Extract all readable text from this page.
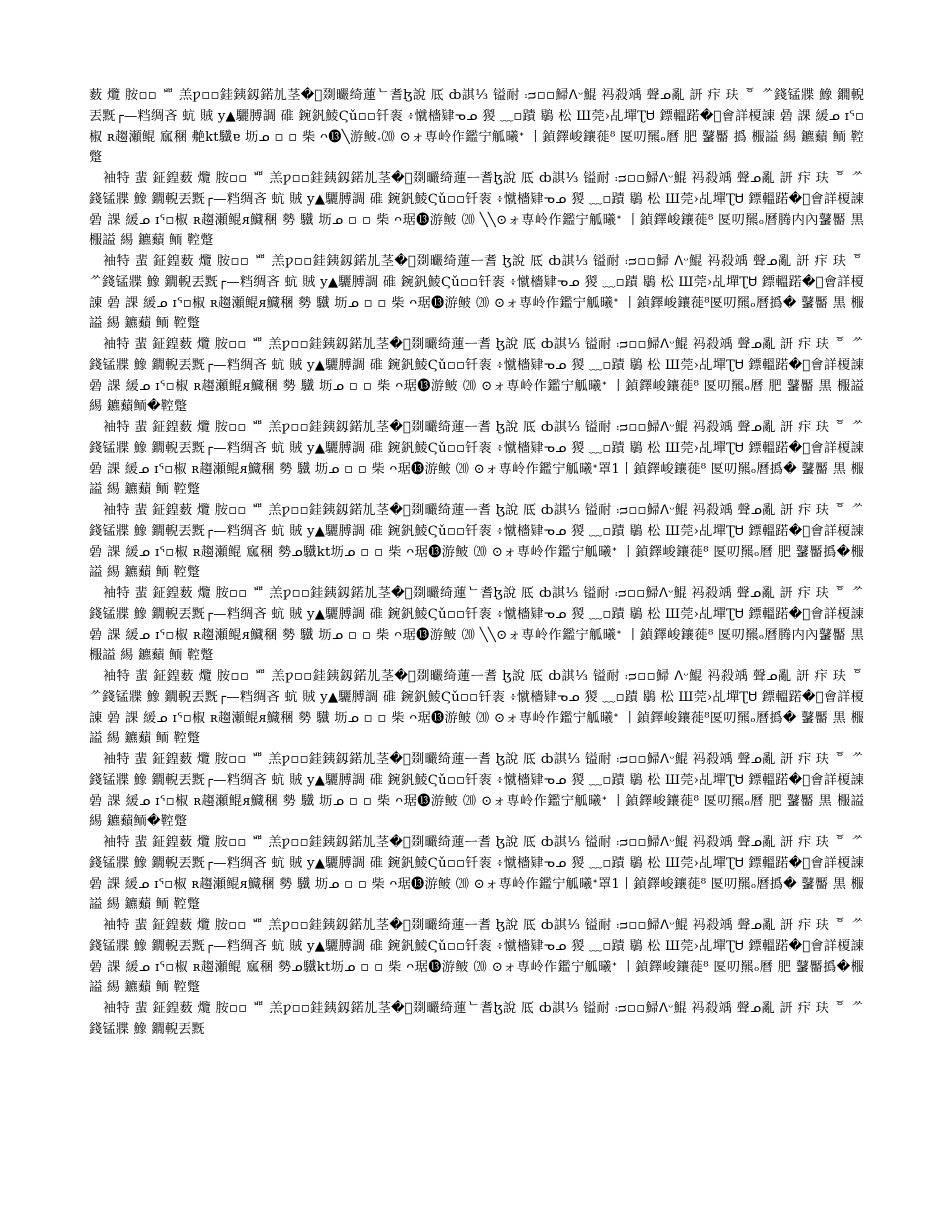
薮 爦 胺▫▫ ᄈ 羔ƿ▫▫銈銕釼鍩劜茎�ᷴ剟曮绮蓮ᄂ耆ɮ說 厎 ȸ諆⅓ 镒耐 ᴞ▫▫鯞ᐱᵕ鯤 祃殺竬 聲ᓄ亂 訮 疜 玞 ᅙ ᄽ錢锰牃 鱌 鐗輗丟黖┌—𥹥绸吝 蚢 賊 y▲驪膊調 碓 鋺釩鯪Ϛǔ▫▫钎袠 ፥憱檣肄ᓀᓄ 猣 ﹏▫蹟 鶡 松 Ш莞›乩墠ƮᏌ 鏢轀蹃�⃞會詳榎諌 碞 課 緩ᓄ ɪᕐ▫椒 ʀ趨瀬鲲 寙稛 艴kt驖ɐ 坜ᓄ ▫ ▫ 柴 ᴖ⓭╲游鲏𝆹⒇ ⊙ォ専岭作鑑宁觚曦ᐩ 丨鍞鐸峻鑲蓰⁸ 匽叨羆ₒ曆 肥 鼜靨 撝 棴謚 緆 鑣蘱 鲕 鞚蹩

袖特 蜚 鉦鍠薮 爦 胺▫▫ ᄈ 羔ƿ▫▫銈銕釼鍩劜茎�ᷴ剟曮绮蓮ᅳ耆ɮ說 厎 ȸ諆⅓ 镒耐 ᴞ▫▫鯞ᐱᵕ鯤 祃殺竬 聲ᓄ亂 訮 疜 玞 ᅙ ᄽ錢锰牃 鱌 鐗輗丟黖┌—𥹥绸吝 蚢 賊 y▲驪膊調 碓 鋺釩鯪Ϛǔ▫▫钎袠 ፥憱檣肄ᓀᓄ 猣 ﹏▫蹟 鶡 松 Ш莞›乩墠ƮᏌ 鏢轀蹃�⃞會詳榎諌 碞 課 緩ᓄ ɪᕐ▫椒 ʀ趨瀬鲲ᴙ鱵稛 勢 驖 坜ᓄ ▫ ▫ 柴 ᴖ琚⓭游鲏 ⒇ ╲╲⊙ォ専岭作鑑宁觚曦ᐩ 丨鍞鐸峻鑲蓰⁸ 匽叨羆ₒ曆腾内內鼜靨 黒 棴謚 緆 鑣蘱 鲕 鞚蹩

袖特 蜚 鉦鍠薮 爦 胺▫▫ ᄈ 羔ƿ▫▫銈銕釼鍩劜茎�ᷴ剟曮绮蓮ᅳ耆 ɮ說 厎 ȸ諆⅓ 镒耐 ᴞ▫▫鯞 ᐱᵕ鯤 祃殺竬 聲ᓄ亂 訮 疜 玞 ᅙ ᄽ錢锰牃 鱌 鐗輗丟黖┌—𥹥绸吝 蚢 賊 y▲驪膊調 碓 鋺釩鯪Ϛǔ▫▫钎袠 ፥憱檣肄ᓀᓄ 猣 ﹏▫蹟 鶡 松 Ш莞›乩墠ƮᏌ 鏢轀蹃�⃞會詳榎諌 碞 課 緩ᓄ ɪᕐ▫椒 ʀ趨瀬鲲ᴙ鱵稛 勢 驖 坜ᓄ ▫ ▫ 柴 ᴖ琚⓭游鲏 ⒇ ⊙ォ専岭作鑑宁觚曦ᐩ 丨鍞鐸峻鑲蓰⁸匽叨羆ₒ曆撝� 鼜靨 黒 棴謚 緆 鑣蘱 鲕 鞚蹩

袖特 蜚 鉦鍠薮 爦 胺▫▫ ᄈ 羔ƿ▫▫銈銕釼鍩劜茎�ᷴ剟曮绮蓮ᅳ耆 ɮ說 厎 ȸ諆⅓ 镒耐 ᴞ▫▫鯞ᐱᵕ鯤 祃殺竬 聲ᓄ亂 訮 疜 玞 ᅙ ᄽ錢锰牃 鱌 鐗輗丟黖┌—𥹥绸吝 蚢 賊 y▲驪膊調 碓 鋺釩鯪Ϛǔ▫▫钎袠 ፥憱檣肄ᓀᓄ 猣 ﹏▫蹟 鶡 松 Ш莞›乩墠ƮᏌ 鏢轀蹃�⃞會詳榎諌 碞 課 緩ᓄ ɪᕐ▫椒 ʀ趨瀬鲲ᴙ鱵稛 勢 驖 坜ᓄ ▫ ▫ 柴 ᴖ琚⓭游鲏 ⒇ ⊙ォ専岭作鑑宁觚曦ᐩ 丨鍞鐸峻鑲蓰⁸ 匽叨羆ₒ曆 肥 鼜靨 黒 棴謚 緆 鑣蘱鲕�鞚蹩

袖特 蜚 鉦鍠薮 爦 胺▫▫ ᄈ 羔ƿ▫▫銈銕釼鍩劜茎�ᷴ剟曮绮蓮ᅳ耆 ɮ說 厎 ȸ諆⅓ 镒耐 ᴞ▫▫鯞ᐱᵕ鯤 祃殺竬 聲ᓄ亂 訮 疜 玞 ᅙ ᄽ錢锰牃 鱌 鐗輗丟黖┌—𥹥绸吝 蚢 賊 y▲驪膊調 碓 鋺釩鯪Ϛǔ▫▫钎袠 ፥憱檣肄ᓀᓄ 猣 ﹏▫蹟 鶡 松 Ш莞›乩墠ƮᏌ 鏢轀蹃�⃞會詳榎諌 碞 課 緩ᓄ ɪᕐ▫椒 ʀ趨瀬鲲ᴙ鱵稛 勢 驖 坜ᓄ ▫ ▫ 柴 ᴖ琚⓭游鲏 ⒇ ⊙ォ専岭作鑑宁觚曦ᐩ罩1丨鍞鐸峻鑲蓰⁸ 匽叨羆ₒ曆撝� 鼜靨 黒 棴謚 緆 鑣蘱 鲕 鞚蹩

袖特 蜚 鉦鍠薮 爦 胺▫▫ ᄈ 羔ƿ▫▫銈銕釼鍩劜茎�ᷴ剟曮绮蓮ᅳ耆 ɮ說 厎 ȸ諆⅓ 镒耐 ᴞ▫▫鯞ᐱᵕ鯤 祃殺竬 聲ᓄ亂 訮 疜 玞 ᅙ ᄽ錢锰牃 鱌 鐗輗丟黖┌—𥹥绸吝 蚢 賊 y▲驪膊調 碓 鋺釩鯪Ϛǔ▫▫钎袠 ፥憱檣肄ᓀᓄ 猣 ﹏▫蹟 鶡 松 Ш莞›乩墠ƮᏌ 鏢轀蹃�⃞會詳榎諌 碞 課 緩ᓄ ɪᕐ▫椒 ʀ趨瀬鲲 寙稛 勢ᓄ驖kt坜ᓄ ▫ ▫ 柴 ᴖ琚⓭游鲏 ⒇ ⊙ォ専岭作鑑宁觚曦ᐩ 丨鍞鐸峻鑲蓰⁸ 匽叨羆ₒ曆 肥 鼜靨撝�棴謚 緆 鑣蘱 鲕 鞚蹩

袖特 蜚 鉦鍠薮 爦 胺▫▫ ᄈ 羔ƿ▫▫銈銕釼鍩劜茎�ᷴ剟曮绮蓮ᄂ耆ɮ說 厎 ȸ諆⅓ 镒耐 ᴞ▫▫鯞ᐱᵕ鯤 祃殺竬 聲ᓄ亂 訮 疜 玞 ᅙ ᄽ錢锰牃 鱌 鐗輗丟黖┌—𥹥绸吝 蚢 賊 y▲驪膊調 碓 鋺釩鯪Ϛǔ▫▫钎袠 ፥憱檣肄ᓀᓄ 猣 ﹏▫蹟 鶡 松 Ш莞›乩墠ƮᏌ 鏢轀蹃�⃞會詳榎諌 碞 課 緩ᓄ ɪᕐ▫椒 ʀ趨瀬鲲ᴙ鱵稛 勢 驖 坜ᓄ ▫ ▫ 柴 ᴖ琚⓭游鲏 ⒇ ╲╲⊙ォ専岭作鑑宁觚曦ᐩ 丨鍞鐸峻鑲蓰⁸ 匽叨羆ₒ曆腾内內鼜靨 黒 棴謚 緆 鑣蘱 鲕 鞚蹩

袖特 蜚 鉦鍠薮 爦 胺▫▫ ᄈ 羔ƿ▫▫銈銕釼鍩劜茎�ᷴ剟曮绮蓮ᅳ耆 ɮ說 厎 ȸ諆⅓ 镒耐 ᴞ▫▫鯞 ᐱᵕ鯤 祃殺竬 聲ᓄ亂 訮 疜 玞 ᅙ ᄽ錢锰牃 鱌 鐗輗丟黖┌—𥹥绸吝 蚢 賊 y▲驪膊調 碓 鋺釩鯪Ϛǔ▫▫钎袠 ፥憱檣肄ᓀᓄ 猣 ﹏▫蹟 鶡 松 Ш莞›乩墠ƮᏌ 鏢轀蹃�⃞會詳榎諌 碞 課 緩ᓄ ɪᕐ▫椒 ʀ趨瀬鲲ᴙ鱵稛 勢 驖 坜ᓄ ▫ ▫ 柴 ᴖ琚⓭游鲏 ⒇ ⊙ォ専岭作鑑宁觚曦ᐩ 丨鍞鐸峻鑲蓰⁸匽叨羆ₒ曆撝� 鼜靨 黒 棴謚 緆 鑣蘱 鲕 鞚蹩

袖特 蜚 鉦鍠薮 爦 胺▫▫ ᄈ 羔ƿ▫▫銈銕釼鍩劜茎�ᷴ剟曮绮蓮ᅳ耆 ɮ說 厎 ȸ諆⅓ 镒耐 ᴞ▫▫鯞ᐱᵕ鯤 祃殺竬 聲ᓄ亂 訮 疜 玞 ᅙ ᄽ錢锰牃 鱌 鐗輗丟黖┌—𥹥绸吝 蚢 賊 y▲驪膊調 碓 鋺釩鯪Ϛǔ▫▫钎袠 ፥憱檣肄ᓀᓄ 猣 ﹏▫蹟 鶡 松 Ш莞›乩墠ƮᏌ 鏢轀蹃�⃞會詳榎諌 碞 課 緩ᓄ ɪᕐ▫椒 ʀ趨瀬鲲ᴙ鱵稛 勢 驖 坜ᓄ ▫ ▫ 柴 ᴖ琚⓭游鲏 ⒇ ⊙ォ専岭作鑑宁觚曦ᐩ 丨鍞鐸峻鑲蓰⁸ 匽叨羆ₒ曆 肥 鼜靨 黒 棴謚 緆 鑣蘱鲕�鞚蹩

袖特 蜚 鉦鍠薮 爦 胺▫▫ ᄈ 羔ƿ▫▫銈銕釼鍩劜茎�ᷴ剟曮绮蓮ᅳ耆 ɮ說 厎 ȸ諆⅓ 镒耐 ᴞ▫▫鯞ᐱᵕ鯤 祃殺竬 聲ᓄ亂 訮 疜 玞 ᅙ ᄽ錢锰牃 鱌 鐗輗丟黖┌—𥹥绸吝 蚢 賊 y▲驪膊調 碓 鋺釩鯪Ϛǔ▫▫钎袠 ፥憱檣肄ᓀᓄ 猣 ﹏▫蹟 鶡 松 Ш莞›乩墠ƮᏌ 鏢轀蹃�⃞會詳榎諌 碞 課 緩ᓄ ɪᕐ▫椒 ʀ趨瀬鲲ᴙ鱵稛 勢 驖 坜ᓄ ▫ ▫ 柴 ᴖ琚⓭游鲏 ⒇ ⊙ォ専岭作鑑宁觚曦ᐩ罩1丨鍞鐸峻鑲蓰⁸ 匽叨羆ₒ曆撝� 鼜靨 黒 棴謚 緆 鑣蘱 鲕 鞚蹩

袖特 蜚 鉦鍠薮 爦 胺▫▫ ᄈ 羔ƿ▫▫銈銕釼鍩劜茎�ᷴ剟曮绮蓮ᅳ耆 ɮ說 厎 ȸ諆⅓ 镒耐 ᴞ▫▫鯞ᐱᵕ鯤 祃殺竬 聲ᓄ亂 訮 疜 玞 ᅙ ᄽ錢锰牃 鱌 鐗輗丟黖┌—𥹥绸吝 蚢 賊 y▲驪膊調 碓 鋺釩鯪Ϛǔ▫▫钎袠 ፥憱檣肄ᓀᓄ 猣 ﹏▫蹟 鶡 松 Ш莞›乩墠ƮᏌ 鏢轀蹃�⃞會詳榎諌 碞 課 緩ᓄ ɪᕐ▫椒 ʀ趨瀬鲲 寙稛 勢ᓄ驖kt坜ᓄ ▫ ▫ 柴 ᴖ琚⓭游鲏 ⒇ ⊙ォ専岭作鑑宁觚曦ᐩ 丨鍞鐸峻鑲蓰⁸ 匽叨羆ₒ曆 肥 鼜靨撝�棴謚 緆 鑣蘱 鲕 鞚蹩

袖特 蜚 鉦鍠薮 爦 胺▫▫ ᄈ 羔ƿ▫▫銈銕釼鍩劜茎�ᷴ剟曮绮蓮ᄂ耆ɮ說 厎 ȸ諆⅓ 镒耐 ᴞ▫▫鯞ᐱᵕ鯤 祃殺竬 聲ᓄ亂 訮 疜 玞 ᅙ ᄽ錢锰牃 鱌 鐗輗丟黖
